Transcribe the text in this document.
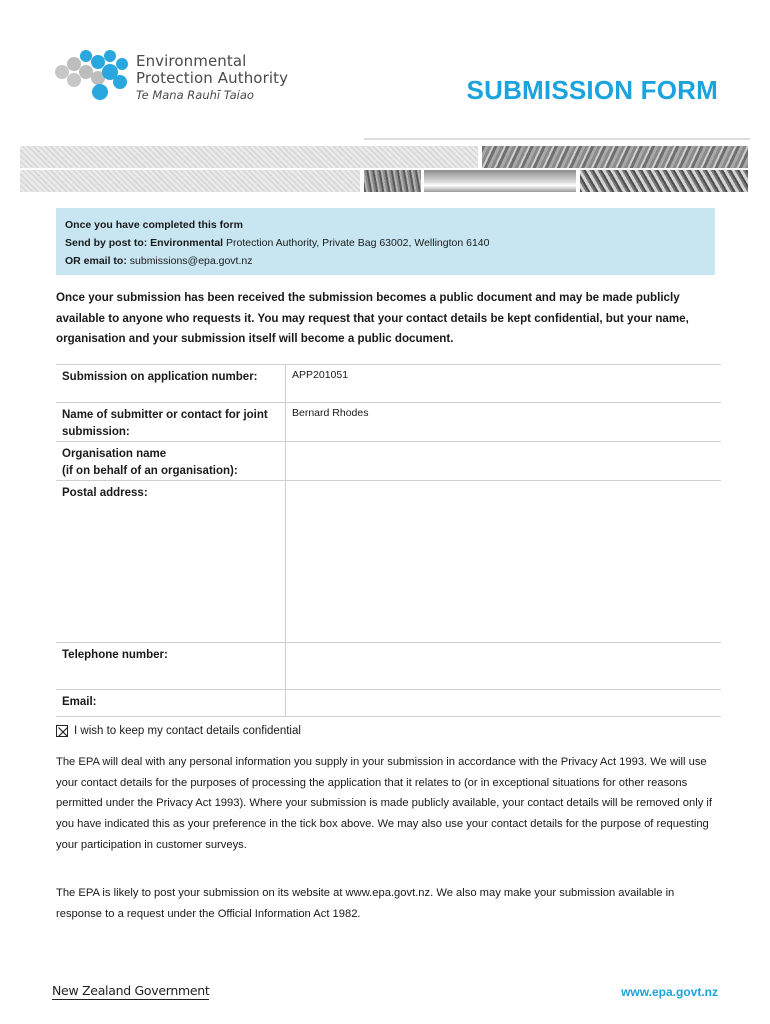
Environmental
Protection Authority
Te Mana Rauhī Taiao	SUBMISSION FORM
Once you have completed this form
Send by post to: Environmental Protection Authority, Private Bag 63002, Wellington 6140
OR email to: submissions@epa.govt.nz

Once your submission has been received the submission becomes a public document and may be made publicly available to anyone who requests it. You may request that your contact details be kept confidential, but your name, organisation and your submission itself will become a public document.

Submission on application number:	APP201051
Name of submitter or contact for joint submission:	Bernard Rhodes

Organisation name
(if on behalf of an organisation):	

Postal address:	
Telephone number:	
Email:	
I wish to keep my contact details confidential

The EPA will deal with any personal information you supply in your submission in accordance with the Privacy Act 1993. We will use your contact details for the purposes of processing the application that it relates to (or in exceptional situations for other reasons permitted under the Privacy Act 1993). Where your submission is made publicly available, your contact details will be removed only if you have indicated this as your preference in the tick box above. We may also use your contact details for the purpose of requesting your participation in customer surveys.

The EPA is likely to post your submission on its website at www.epa.govt.nz. We also may make your submission available in response to a request under the Official Information Act 1982.

New Zealand Government	www.epa.govt.nz
